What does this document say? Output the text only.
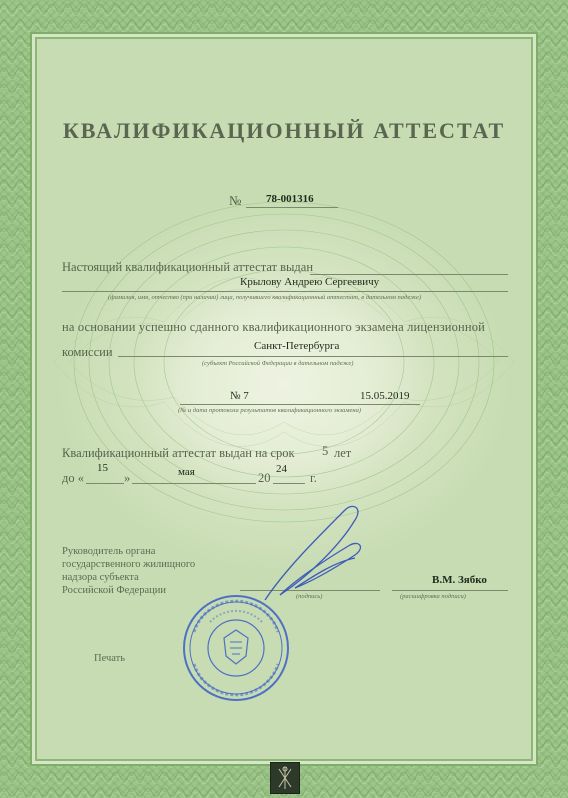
КВАЛИФИКАЦИОННЫЙ АТТЕСТАТ
№ 78-001316
Настоящий квалификационный аттестат выдан
Крылову Андрею Сергеевичу
(фамилия, имя, отчество (при наличии) лица, получившего квалификационный аттестат, в дательном падеже)
на основании успешно сданного квалификационного экзамена лицензионной
комиссии	Санкт-Петербурга
(субъект Российской Федерации в дательном падеже)
№ 7	15.05.2019
(№ и дата протокола результатов квалификационного экзамена)
Квалификационный аттестат выдан на срок 5 лет
до «
15
»	мая	20
24
г.
Руководитель органа
государственного жилищного
надзора субъекта
Российской Федерации
(подпись)
В.М. Зябко
(расшифровка подписи)
Печать
